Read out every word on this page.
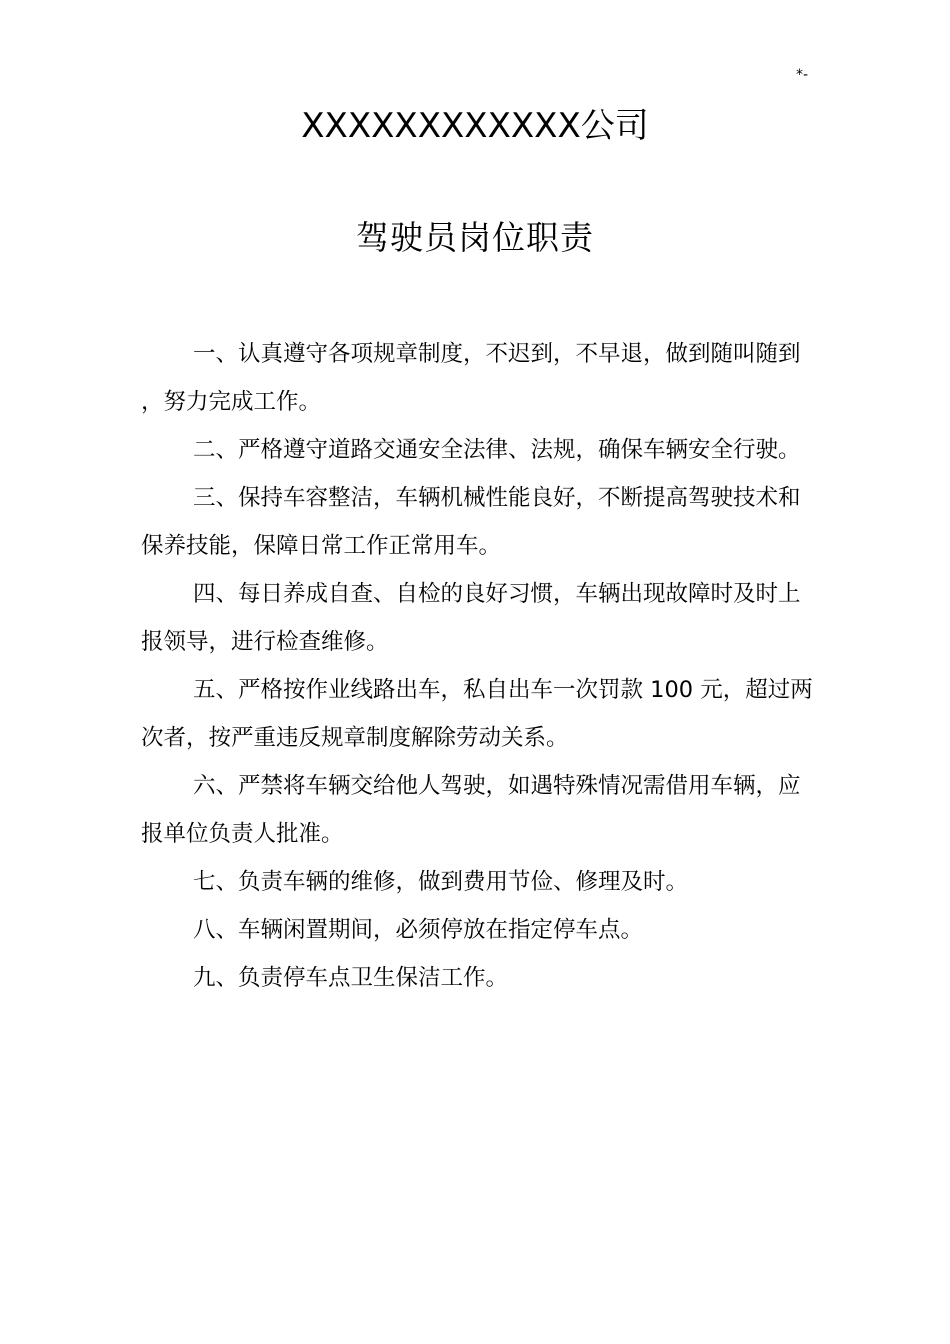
*-
XXXXXXXXXXXX公司
驾驶员岗位职责

一、认真遵守各项规章制度，不迟到，不早退，做到随叫随到，努力完成工作。

二、严格遵守道路交通安全法律、法规，确保车辆安全行驶。

三、保持车容整洁，车辆机械性能良好，不断提高驾驶技术和保养技能，保障日常工作正常用车。

四、每日养成自查、自检的良好习惯，车辆出现故障时及时上报领导，进行检查维修。

五、严格按作业线路出车，私自出车一次罚款 100 元，超过两次者，按严重违反规章制度解除劳动关系。

六、严禁将车辆交给他人驾驶，如遇特殊情况需借用车辆，应报单位负责人批准。

七、负责车辆的维修，做到费用节俭、修理及时。

八、车辆闲置期间，必须停放在指定停车点。

九、负责停车点卫生保洁工作。
